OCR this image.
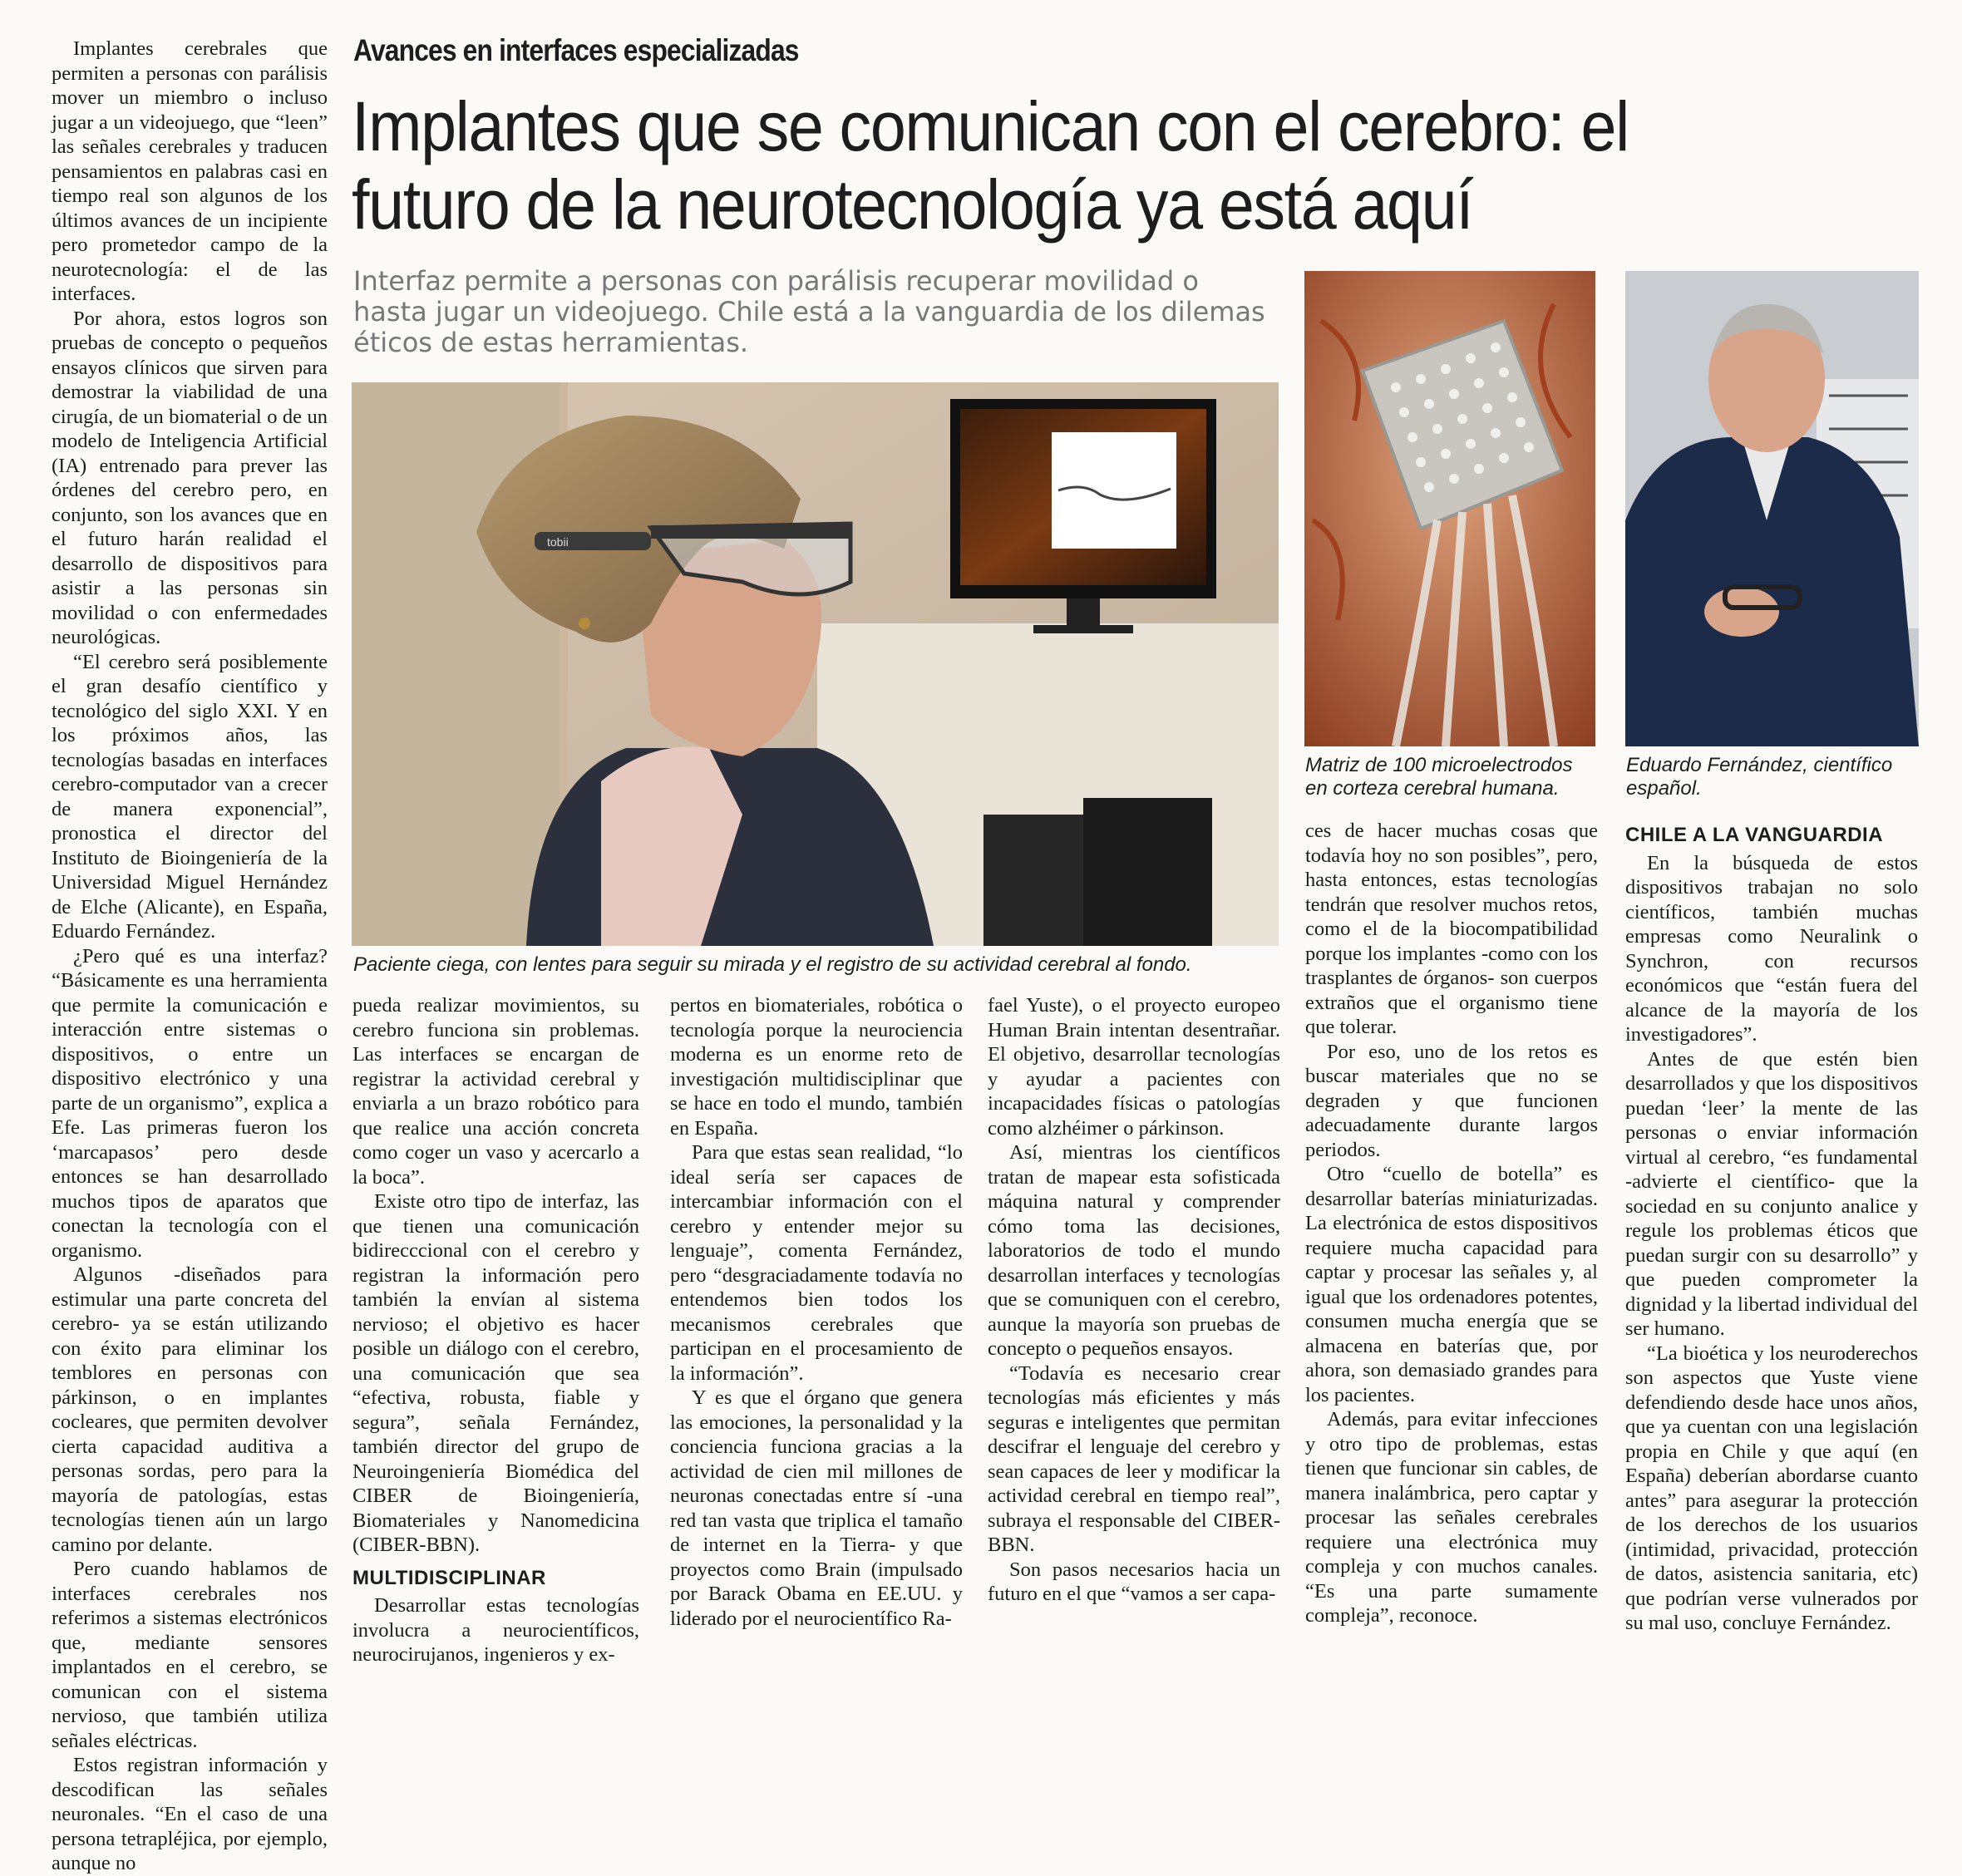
Avances en interfaces especializadas
Implantes que se comunican con el cerebro: el futuro de la neurotecnología ya está aquí

Interfaz permite a personas con parálisis recuperar movilidad o hasta jugar un videojuego. Chile está a la vanguardia de los dilemas éticos de estas herramientas.

Implantes cerebrales que permiten a personas con parálisis mover un miembro o incluso jugar a un videojuego, que “leen” las señales cerebrales y traducen pensamientos en palabras casi en tiempo real son algunos de los últimos avances de un incipiente pero prometedor campo de la neurotecnología: el de las interfaces.

Por ahora, estos logros son pruebas de concepto o pequeños ensayos clínicos que sirven para demostrar la viabilidad de una cirugía, de un biomaterial o de un modelo de Inteligencia Artificial (IA) entrenado para prever las órdenes del cerebro pero, en conjunto, son los avances que en el futuro harán realidad el desarrollo de dispositivos para asistir a las personas sin movilidad o con enfermedades neurológicas.

“El cerebro será posiblemente el gran desafío científico y tecnológico del siglo XXI. Y en los próximos años, las tecnologías basadas en interfaces cerebro-computador van a crecer de manera exponencial”, pronostica el director del Instituto de Bioingeniería de la Universidad Miguel Hernández de Elche (Alicante), en España, Eduardo Fernández.

¿Pero qué es una interfaz? “Básicamente es una herramienta que permite la comunicación e interacción entre sistemas o dispositivos, o entre un dispositivo electrónico y una parte de un organismo”, explica a Efe. Las primeras fueron los ‘marcapasos’ pero desde entonces se han desarrollado muchos tipos de aparatos que conectan la tecnología con el organismo.

Algunos -diseñados para estimular una parte concreta del cerebro- ya se están utilizando con éxito para eliminar los temblores en personas con párkinson, o en implantes cocleares, que permiten devolver cierta capacidad auditiva a personas sordas, pero para la mayoría de patologías, estas tecnologías tienen aún un largo camino por delante.

Pero cuando hablamos de interfaces cerebrales nos referimos a sistemas electrónicos que, mediante sensores implantados en el cerebro, se comunican con el sistema nervioso, que también utiliza señales eléctricas.

Estos registran información y descodifican las señales neuronales. “En el caso de una persona tetrapléjica, por ejemplo, aunque no

tobii
Paciente ciega, con lentes para seguir su mirada y el registro de su actividad cerebral al fondo.
Matriz de 100 microelectrodos en corteza cerebral humana.
Eduardo Fernández, científico español.

pueda realizar movimientos, su cerebro funciona sin problemas. Las interfaces se encargan de registrar la actividad cerebral y enviarla a un brazo robótico para que realice una acción concreta como coger un vaso y acercarlo a la boca”.

Existe otro tipo de interfaz, las que tienen una comunicación bidirecccional con el cerebro y registran la información pero también la envían al sistema nervioso; el objetivo es hacer posible un diálogo con el cerebro, una comunicación que sea “efectiva, robusta, fiable y segura”, señala Fernández, también director del grupo de Neuroingeniería Biomédica del CIBER de Bioingeniería, Biomateriales y Nanomedicina (CIBER-BBN).

MULTIDISCIPLINAR

Desarrollar estas tecnologías involucra a neurocientíficos, neurocirujanos, ingenieros y ex-

pertos en biomateriales, robótica o tecnología porque la neurociencia moderna es un enorme reto de investigación multidisciplinar que se hace en todo el mundo, también en España.

Para que estas sean realidad, “lo ideal sería ser capaces de intercambiar información con el cerebro y entender mejor su lenguaje”, comenta Fernández, pero “desgraciadamente todavía no entendemos bien todos los mecanismos cerebrales que participan en el procesamiento de la información”.

Y es que el órgano que genera las emociones, la personalidad y la conciencia funciona gracias a la actividad de cien mil millones de neuronas conectadas entre sí -una red tan vasta que triplica el tamaño de internet en la Tierra- y que proyectos como Brain (impulsado por Barack Obama en EE.UU. y liderado por el neurocientífico Ra-

fael Yuste), o el proyecto europeo Human Brain intentan desentrañar. El objetivo, desarrollar tecnologías y ayudar a pacientes con incapacidades físicas o patologías como alzhéimer o párkinson.

Así, mientras los científicos tratan de mapear esta sofisticada máquina natural y comprender cómo toma las decisiones, laboratorios de todo el mundo desarrollan interfaces y tecnologías que se comuniquen con el cerebro, aunque la mayoría son pruebas de concepto o pequeños ensayos.

“Todavía es necesario crear tecnologías más eficientes y más seguras e inteligentes que permitan descifrar el lenguaje del cerebro y sean capaces de leer y modificar la actividad cerebral en tiempo real”, subraya el responsable del CIBER-BBN.

Son pasos necesarios hacia un futuro en el que “vamos a ser capa-

ces de hacer muchas cosas que todavía hoy no son posibles”, pero, hasta entonces, estas tecnologías tendrán que resolver muchos retos, como el de la biocompatibilidad porque los implantes -como con los trasplantes de órganos- son cuerpos extraños que el organismo tiene que tolerar.

Por eso, uno de los retos es buscar materiales que no se degraden y que funcionen adecuadamente durante largos periodos.

Otro “cuello de botella” es desarrollar baterías miniaturizadas. La electrónica de estos dispositivos requiere mucha capacidad para captar y procesar las señales y, al igual que los ordenadores potentes, consumen mucha energía que se almacena en baterías que, por ahora, son demasiado grandes para los pacientes.

Además, para evitar infecciones y otro tipo de problemas, estas tienen que funcionar sin cables, de manera inalámbrica, pero captar y procesar las señales cerebrales requiere una electrónica muy compleja y con muchos canales. “Es una parte sumamente compleja”, reconoce.

CHILE A LA VANGUARDIA

En la búsqueda de estos dispositivos trabajan no solo científicos, también muchas empresas como Neuralink o Synchron, con recursos económicos que “están fuera del alcance de la mayoría de los investigadores”.

Antes de que estén bien desarrollados y que los dispositivos puedan ‘leer’ la mente de las personas o enviar información virtual al cerebro, “es fundamental -advierte el científico- que la sociedad en su conjunto analice y regule los problemas éticos que puedan surgir con su desarrollo” y que pueden comprometer la dignidad y la libertad individual del ser humano.

“La bioética y los neuroderechos son aspectos que Yuste viene defendiendo desde hace unos años, que ya cuentan con una legislación propia en Chile y que aquí (en España) deberían abordarse cuanto antes” para asegurar la protección de los derechos de los usuarios (intimidad, privacidad, protección de datos, asistencia sanitaria, etc) que podrían verse vulnerados por su mal uso, concluye Fernández.
